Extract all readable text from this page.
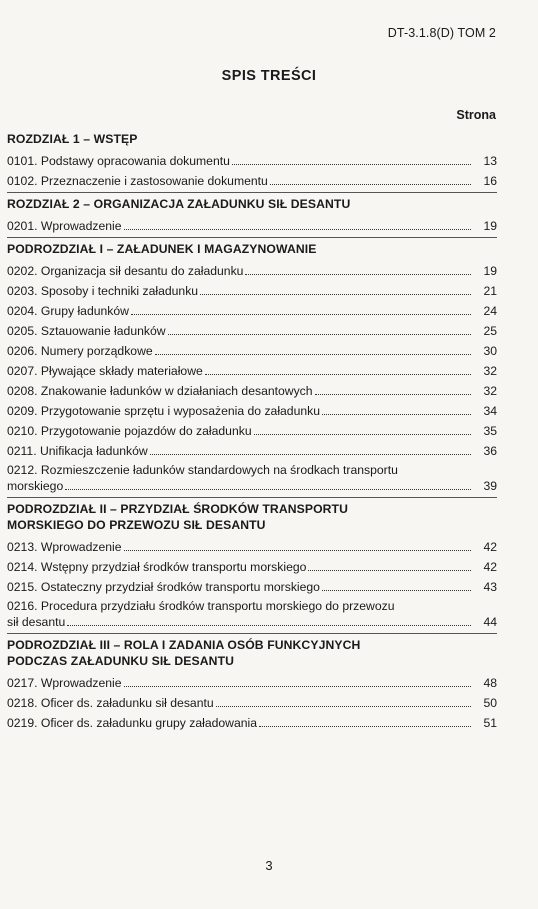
DT-3.1.8(D) TOM 2
SPIS TREŚCI
Strona
ROZDZIAŁ 1 – WSTĘP
0101. Podstawy opracowania dokumentu	13
0102. Przeznaczenie i zastosowanie dokumentu	16
ROZDZIAŁ 2 – ORGANIZACJA ZAŁADUNKU SIŁ DESANTU
0201. Wprowadzenie	19
PODROZDZIAŁ I – ZAŁADUNEK I MAGAZYNOWANIE
0202. Organizacja sił desantu do załadunku	19
0203. Sposoby i techniki załadunku	21
0204. Grupy ładunków	24
0205. Sztauowanie ładunków	25
0206. Numery porządkowe	30
0207. Pływające składy materiałowe	32
0208. Znakowanie ładunków w działaniach desantowych	32
0209. Przygotowanie sprzętu i wyposażenia do załadunku	34
0210. Przygotowanie pojazdów do załadunku	35
0211. Unifikacja ładunków	36
0212. Rozmieszczenie ładunków standardowych na środkach transportu
morskiego	39
PODROZDZIAŁ II – PRZYDZIAŁ ŚRODKÓW TRANSPORTU
MORSKIEGO DO PRZEWOZU SIŁ DESANTU
0213. Wprowadzenie	42
0214. Wstępny przydział środków transportu morskiego	42
0215. Ostateczny przydział środków transportu morskiego	43
0216. Procedura przydziału środków transportu morskiego do przewozu
sił desantu	44
PODROZDZIAŁ III – ROLA I ZADANIA OSÓB FUNKCYJNYCH
PODCZAS ZAŁADUNKU SIŁ DESANTU
0217. Wprowadzenie	48
0218. Oficer ds. załadunku sił desantu	50
0219. Oficer ds. załadunku grupy załadowania	51
3
